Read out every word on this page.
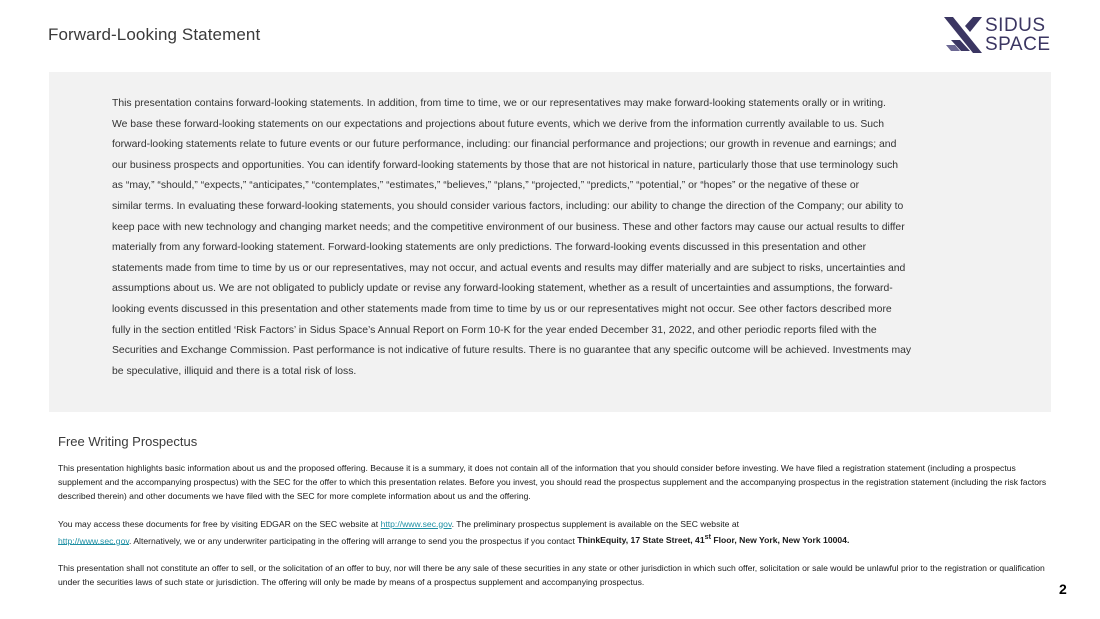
Forward-Looking Statement	SIDUS
SPACE

This presentation contains forward-looking statements. In addition, from time to time, we or our representatives may make forward-looking statements orally or in writing.
We base these forward-looking statements on our expectations and projections about future events, which we derive from the information currently available to us. Such
forward-looking statements relate to future events or our future performance, including: our financial performance and projections; our growth in revenue and earnings; and
our business prospects and opportunities. You can identify forward-looking statements by those that are not historical in nature, particularly those that use terminology such
as “may,” “should,” “expects,” “anticipates,” “contemplates,” “estimates,” “believes,” “plans,” “projected,” “predicts,” “potential,” or “hopes” or the negative of these or
similar terms. In evaluating these forward-looking statements, you should consider various factors, including: our ability to change the direction of the Company; our ability to
keep pace with new technology and changing market needs; and the competitive environment of our business. These and other factors may cause our actual results to differ
materially from any forward-looking statement. Forward-looking statements are only predictions. The forward-looking events discussed in this presentation and other
statements made from time to time by us or our representatives, may not occur, and actual events and results may differ materially and are subject to risks, uncertainties and
assumptions about us. We are not obligated to publicly update or revise any forward-looking statement, whether as a result of uncertainties and assumptions, the forward-
looking events discussed in this presentation and other statements made from time to time by us or our representatives might not occur. See other factors described more
fully in the section entitled ‘Risk Factors’ in Sidus Space’s Annual Report on Form 10-K for the year ended December 31, 2022, and other periodic reports filed with the
Securities and Exchange Commission. Past performance is not indicative of future results. There is no guarantee that any specific outcome will be achieved. Investments may
be speculative, illiquid and there is a total risk of loss.

Free Writing Prospectus

This presentation highlights basic information about us and the proposed offering. Because it is a summary, it does not contain all of the information that you should consider before investing. We have filed a registration statement (including a prospectus supplement and the accompanying prospectus) with the SEC for the offer to which this presentation relates. Before you invest, you should read the prospectus supplement and the accompanying prospectus in the registration statement (including the risk factors described therein) and other documents we have filed with the SEC for more complete information about us and the offering.

You may access these documents for free by visiting EDGAR on the SEC website at http://www.sec.gov. The preliminary prospectus supplement is available on the SEC website at
http://www.sec.gov. Alternatively, we or any underwriter participating in the offering will arrange to send you the prospectus if you contact ThinkEquity, 17 State Street, 41st Floor, New York, New York 10004.

This presentation shall not constitute an offer to sell, or the solicitation of an offer to buy, nor will there be any sale of these securities in any state or other jurisdiction in which such offer, solicitation or sale would be unlawful prior to the registration or qualification under the securities laws of such state or jurisdiction. The offering will only be made by means of a prospectus supplement and accompanying prospectus.	2
